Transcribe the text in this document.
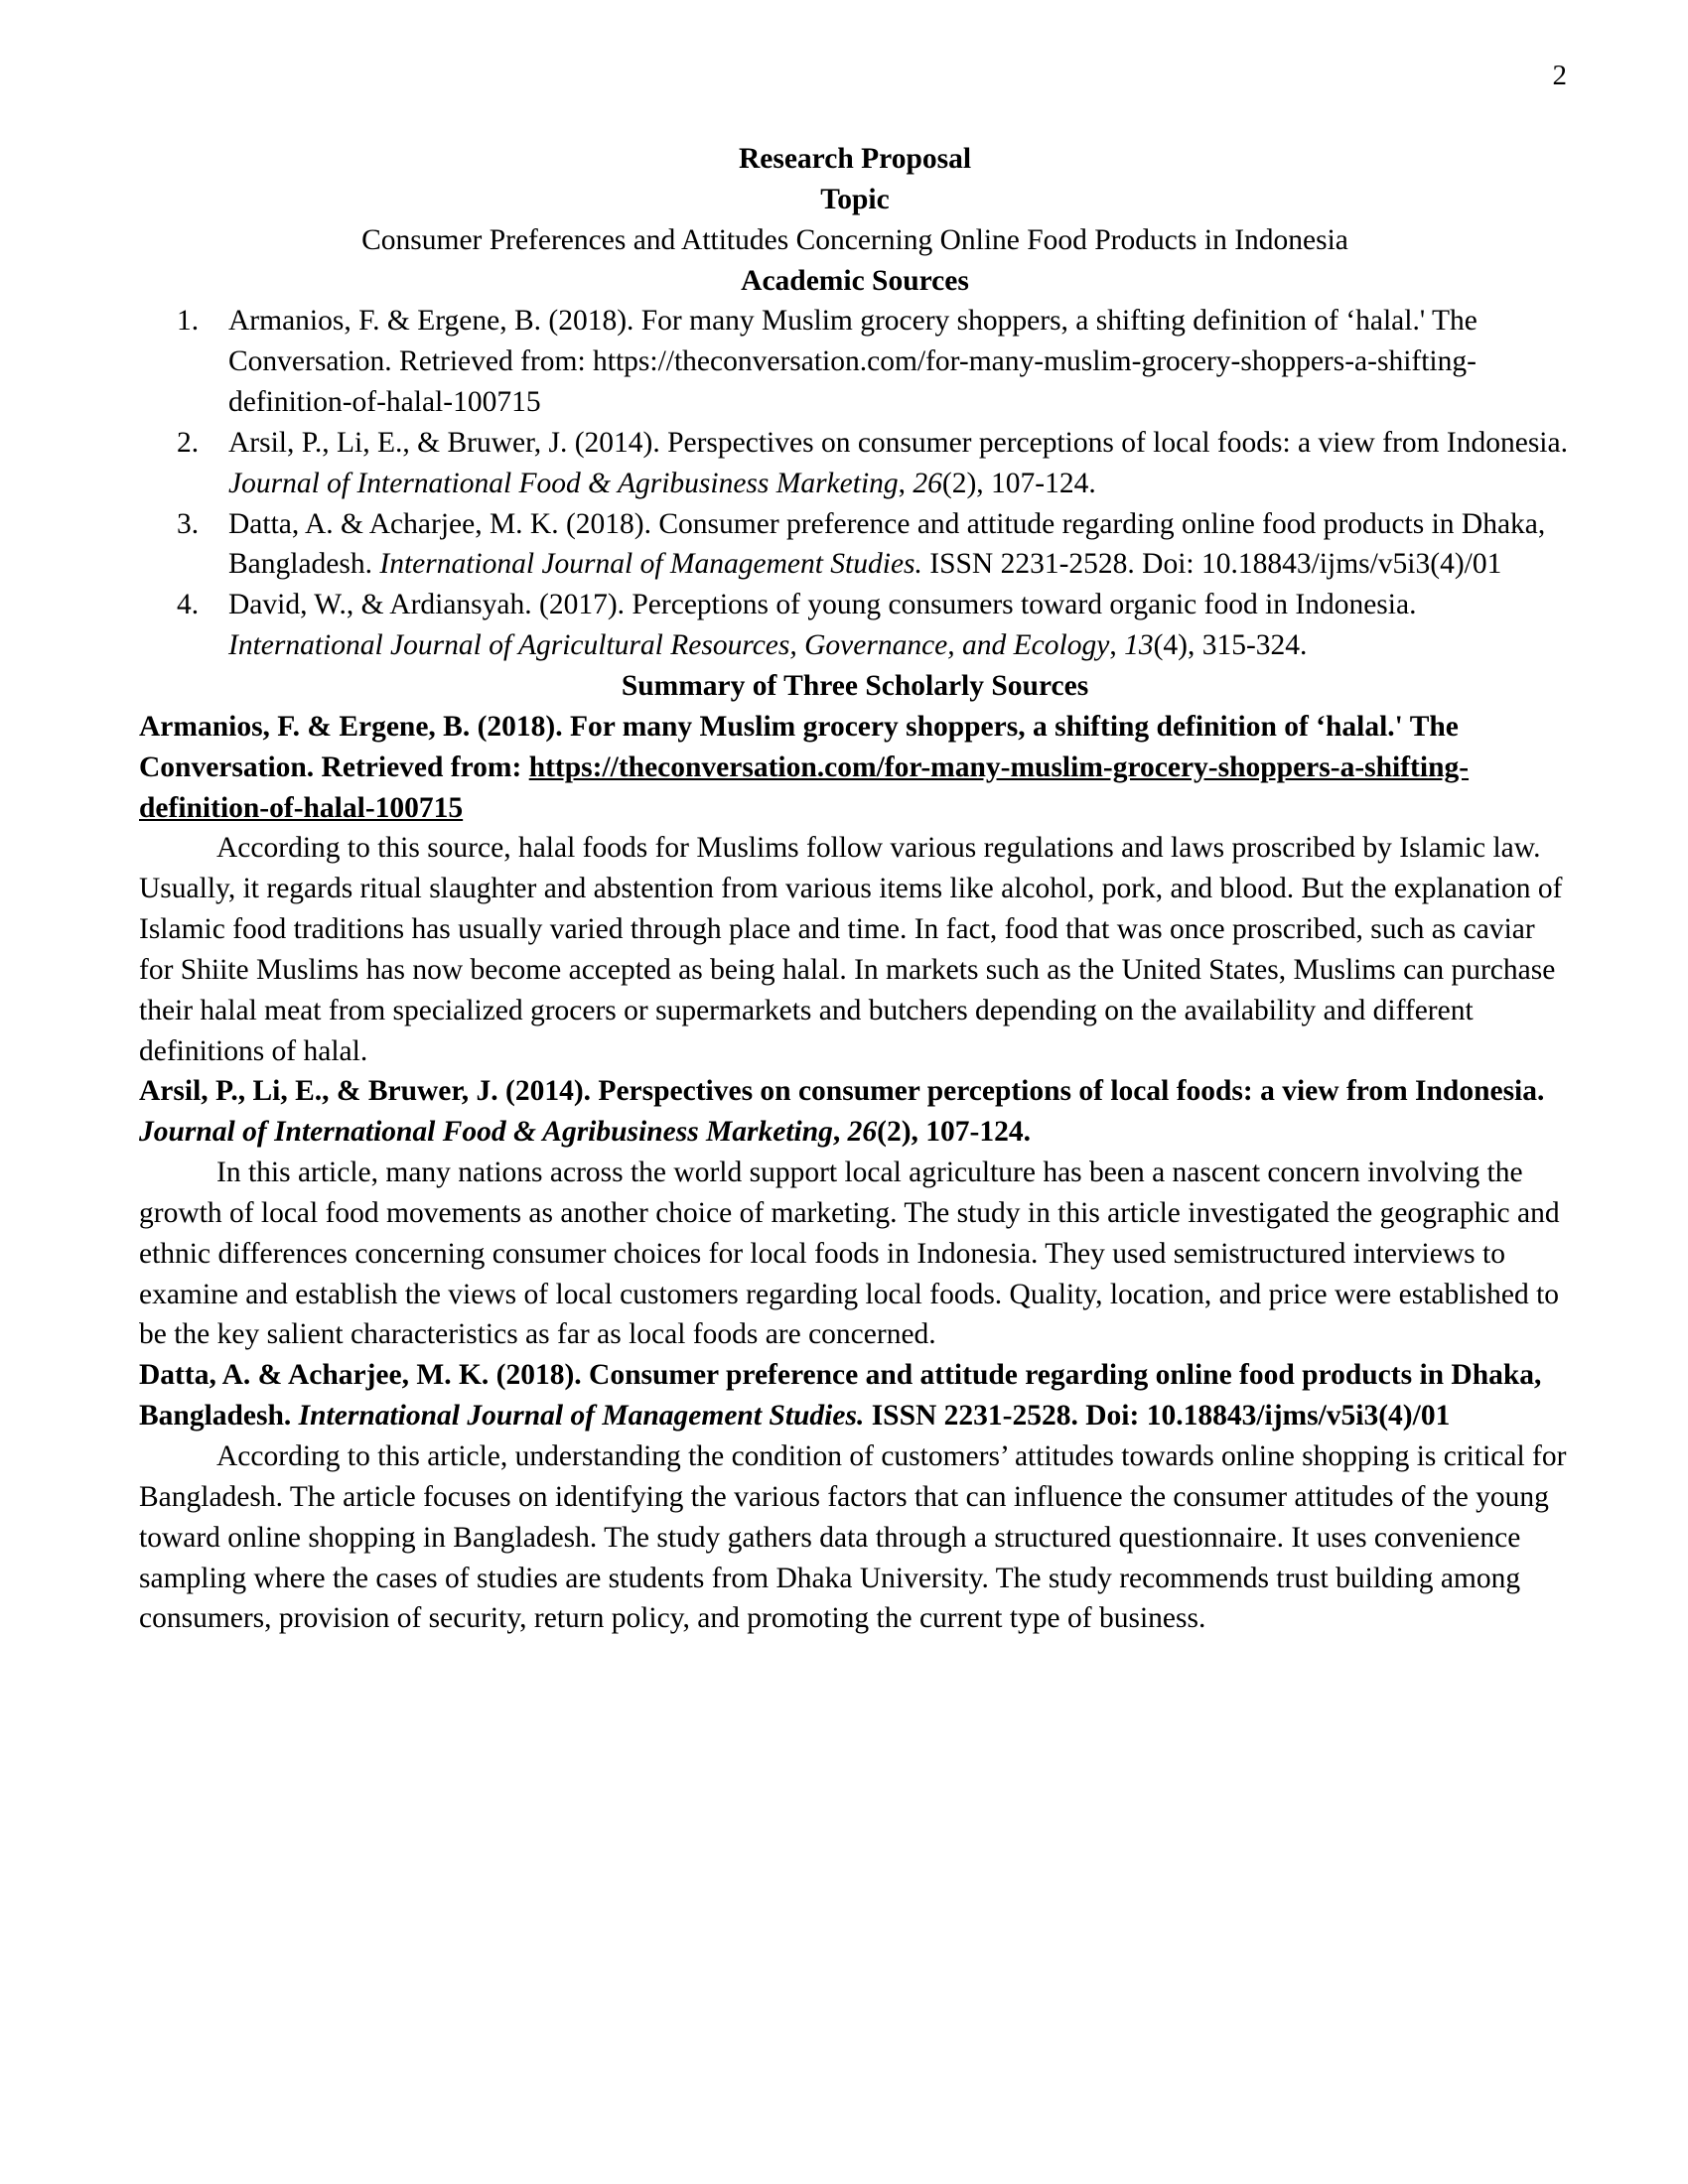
2

Research Proposal

Topic

Consumer Preferences and Attitudes Concerning Online Food Products in Indonesia

Academic Sources

Armanios, F. & Ergene, B. (2018). For many Muslim grocery shoppers, a shifting definition of ‘halal.' The Conversation. Retrieved from: https://theconversation.com/for-many-muslim-grocery-shoppers-a-shifting-definition-of-halal-100715
Arsil, P., Li, E., & Bruwer, J. (2014). Perspectives on consumer perceptions of local foods: a view from Indonesia. Journal of International Food & Agribusiness Marketing, 26(2), 107-124.
Datta, A. & Acharjee, M. K. (2018). Consumer preference and attitude regarding online food products in Dhaka, Bangladesh. International Journal of Management Studies. ISSN 2231-2528. Doi: 10.18843/ijms/v5i3(4)/01
David, W., & Ardiansyah. (2017). Perceptions of young consumers toward organic food in Indonesia. International Journal of Agricultural Resources, Governance, and Ecology, 13(4), 315-324.

Summary of Three Scholarly Sources

Armanios, F. & Ergene, B. (2018). For many Muslim grocery shoppers, a shifting definition of ‘halal.' The Conversation. Retrieved from: https://theconversation.com/for-many-muslim-grocery-shoppers-a-shifting-definition-of-halal-100715

According to this source, halal foods for Muslims follow various regulations and laws proscribed by Islamic law. Usually, it regards ritual slaughter and abstention from various items like alcohol, pork, and blood. But the explanation of Islamic food traditions has usually varied through place and time. In fact, food that was once proscribed, such as caviar for Shiite Muslims has now become accepted as being halal. In markets such as the United States, Muslims can purchase their halal meat from specialized grocers or supermarkets and butchers depending on the availability and different definitions of halal.

Arsil, P., Li, E., & Bruwer, J. (2014). Perspectives on consumer perceptions of local foods: a view from Indonesia. Journal of International Food & Agribusiness Marketing, 26(2), 107-124.

In this article, many nations across the world support local agriculture has been a nascent concern involving the growth of local food movements as another choice of marketing. The study in this article investigated the geographic and ethnic differences concerning consumer choices for local foods in Indonesia. They used semistructured interviews to examine and establish the views of local customers regarding local foods. Quality, location, and price were established to be the key salient characteristics as far as local foods are concerned.

Datta, A. & Acharjee, M. K. (2018). Consumer preference and attitude regarding online food products in Dhaka, Bangladesh. International Journal of Management Studies. ISSN 2231-2528. Doi: 10.18843/ijms/v5i3(4)/01

According to this article, understanding the condition of customers’ attitudes towards online shopping is critical for Bangladesh. The article focuses on identifying the various factors that can influence the consumer attitudes of the young toward online shopping in Bangladesh. The study gathers data through a structured questionnaire. It uses convenience sampling where the cases of studies are students from Dhaka University. The study recommends trust building among consumers, provision of security, return policy, and promoting the current type of business.
